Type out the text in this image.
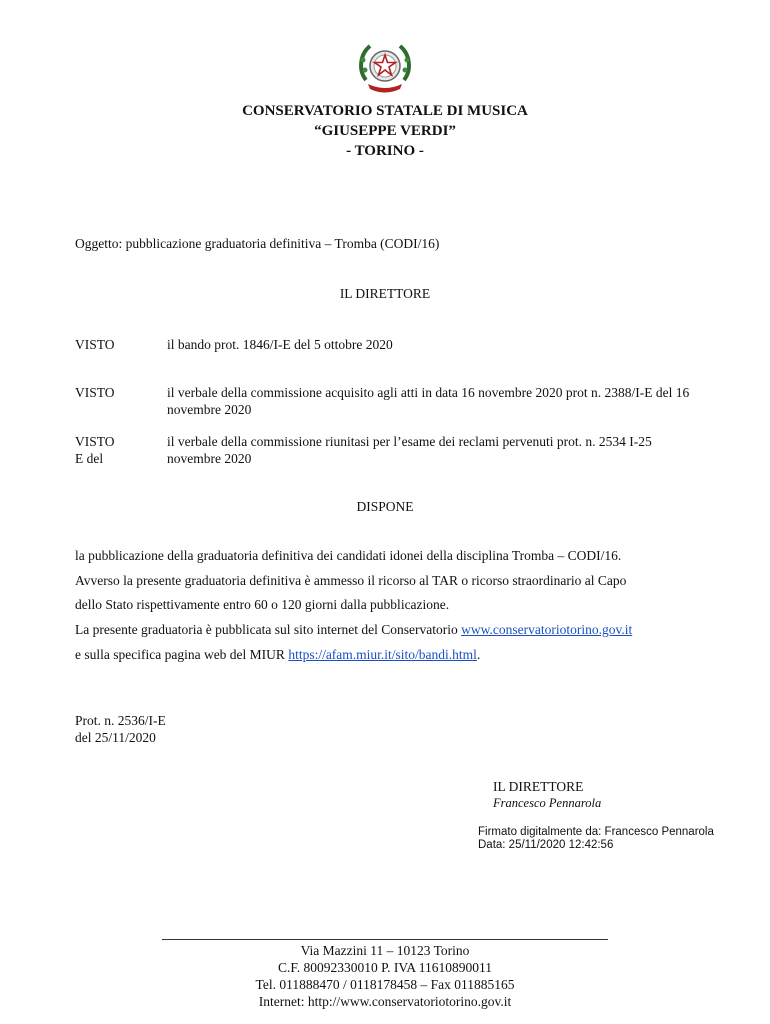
CONSERVATORIO STATALE DI MUSICA
“GIUSEPPE VERDI”
- TORINO -
Oggetto: pubblicazione graduatoria definitiva – Tromba (CODI/16)
IL DIRETTORE
VISTO	il bando prot. 1846/I-E del 5 ottobre 2020
VISTO	il verbale della commissione acquisito agli atti in data 16 novembre 2020 prot n. 2388/I-E del 16 novembre 2020
VISTO
E del
il verbale della commissione riunitasi per l’esame dei reclami pervenuti prot. n. 2534 I-25 novembre 2020
DISPONE
la pubblicazione della graduatoria definitiva dei candidati idonei della disciplina Tromba – CODI/16.
Avverso la presente graduatoria definitiva è ammesso il ricorso al TAR o ricorso straordinario al Capo
dello Stato rispettivamente entro 60 o 120 giorni dalla pubblicazione.
La presente graduatoria è pubblicata sul sito internet del Conservatorio www.conservatoriotorino.gov.it
e sulla specifica pagina web del MIUR https://afam.miur.it/sito/bandi.html.
Prot. n. 2536/I-E
del 25/11/2020
IL DIRETTORE
Francesco Pennarola
Firmato digitalmente da: Francesco Pennarola
Data: 25/11/2020 12:42:56
Via Mazzini 11 – 10123 Torino
C.F. 80092330010 P. IVA 11610890011
Tel. 011888470 / 0118178458 – Fax 011885165
Internet: http://www.conservatoriotorino.gov.it
